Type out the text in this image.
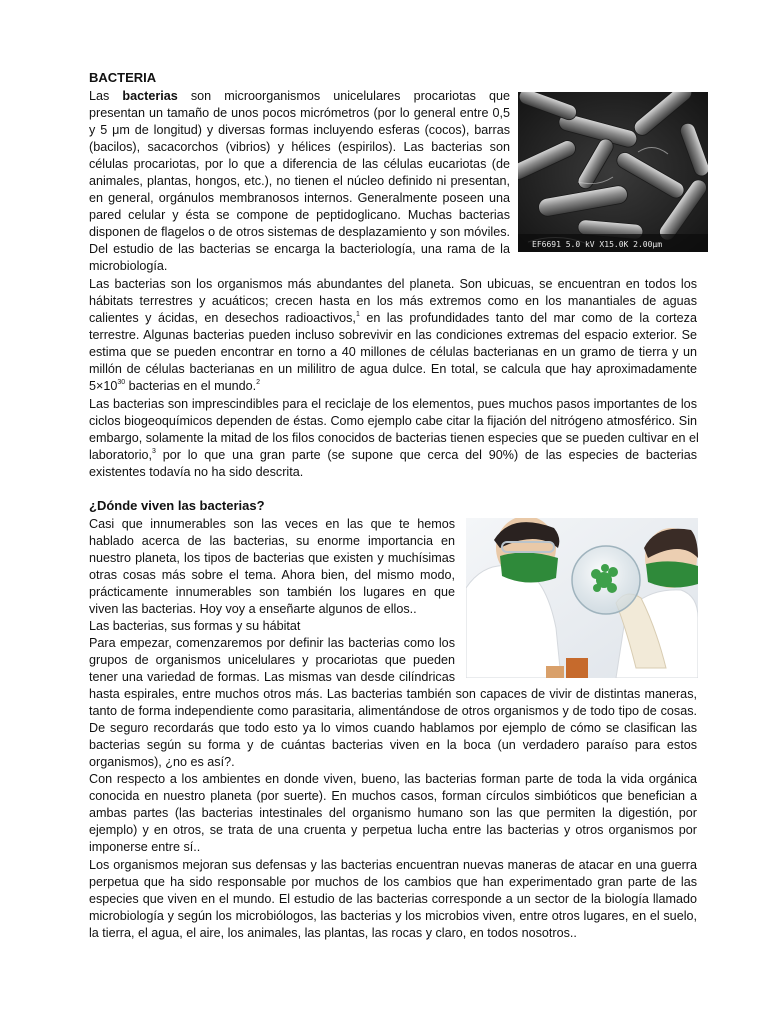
BACTERIA
Las bacterias son microorganismos unicelulares procariotas que
presentan un tamaño de unos pocos micrómetros (por lo general entre 0,5
y 5 μm de longitud) y diversas formas incluyendo esferas (cocos), barras
(bacilos), sacacorchos (vibrios) y hélices (espirilos). Las bacterias son
células procariotas, por lo que a diferencia de las células eucariotas (de
animales, plantas, hongos, etc.), no tienen el núcleo definido ni presentan,
en general, orgánulos membranosos internos. Generalmente poseen una
pared celular y ésta se compone de peptidoglicano. Muchas bacterias
disponen de flagelos o de otros sistemas de desplazamiento y son móviles.
Del estudio de las bacterias se encarga la bacteriología, una rama de la
microbiología.
EF6691 5.0 kV X15.0K 2.00μm
Las bacterias son los organismos más abundantes del planeta. Son ubicuas, se encuentran en todos los
hábitats terrestres y acuáticos; crecen hasta en los más extremos como en los manantiales de aguas
calientes y ácidas, en desechos radioactivos,$^1$ en las profundidades tanto del mar como de la corteza
terrestre. Algunas bacterias pueden incluso sobrevivir en las condiciones extremas del espacio exterior. Se
estima que se pueden encontrar en torno a 40 millones de células bacterianas en un gramo de tierra y un
millón de células bacterianas en un mililitro de agua dulce. En total, se calcula que hay aproximadamente
$5\times 10^{30}$ bacterias en el mundo.$^2$
Las bacterias son imprescindibles para el reciclaje de los elementos, pues muchos pasos importantes de los
ciclos biogeoquímicos dependen de éstas. Como ejemplo cabe citar la fijación del nitrógeno atmosférico. Sin
embargo, solamente la mitad de los filos conocidos de bacterias tienen especies que se pueden cultivar en el
laboratorio,$^3$ por lo que una gran parte (se supone que cerca del 90%) de las especies de bacterias
existentes todavía no ha sido descrita.
¿Dónde viven las bacterias?
Casi que innumerables son las veces en las que te hemos
hablado acerca de las bacterias, su enorme importancia en
nuestro planeta, los tipos de bacterias que existen y muchísimas
otras cosas más sobre el tema. Ahora bien, del mismo modo,
prácticamente innumerables son también los lugares en que
viven las bacterias. Hoy voy a enseñarte algunos de ellos..
Las bacterias, sus formas y su hábitat
Para empezar, comenzaremos por definir las bacterias como los
grupos de organismos unicelulares y procariotas que pueden
tener una variedad de formas. Las mismas van desde cilíndricas
hasta espirales, entre muchos otros más. Las bacterias también son capaces de vivir de distintas maneras,
tanto de forma independiente como parasitaria, alimentándose de otros organismos y de todo tipo de cosas.
De seguro recordarás que todo esto ya lo vimos cuando hablamos por ejemplo de cómo se clasifican las
bacterias según su forma y de cuántas bacterias viven en la boca (un verdadero paraíso para estos
organismos), ¿no es así?.
Con respecto a los ambientes en donde viven, bueno, las bacterias forman parte de toda la vida orgánica
conocida en nuestro planeta (por suerte). En muchos casos, forman círculos simbióticos que benefician a
ambas partes (las bacterias intestinales del organismo humano son las que permiten la digestión, por
ejemplo) y en otros, se trata de una cruenta y perpetua lucha entre las bacterias y otros organismos por
imponerse entre sí..
Los organismos mejoran sus defensas y las bacterias encuentran nuevas maneras de atacar en una guerra
perpetua que ha sido responsable por muchos de los cambios que han experimentado gran parte de las
especies que viven en el mundo. El estudio de las bacterias corresponde a un sector de la biología llamado
microbiología y según los microbiólogos, las bacterias y los microbios viven, entre otros lugares, en el suelo,
la tierra, el agua, el aire, los animales, las plantas, las rocas y claro, en todos nosotros..
